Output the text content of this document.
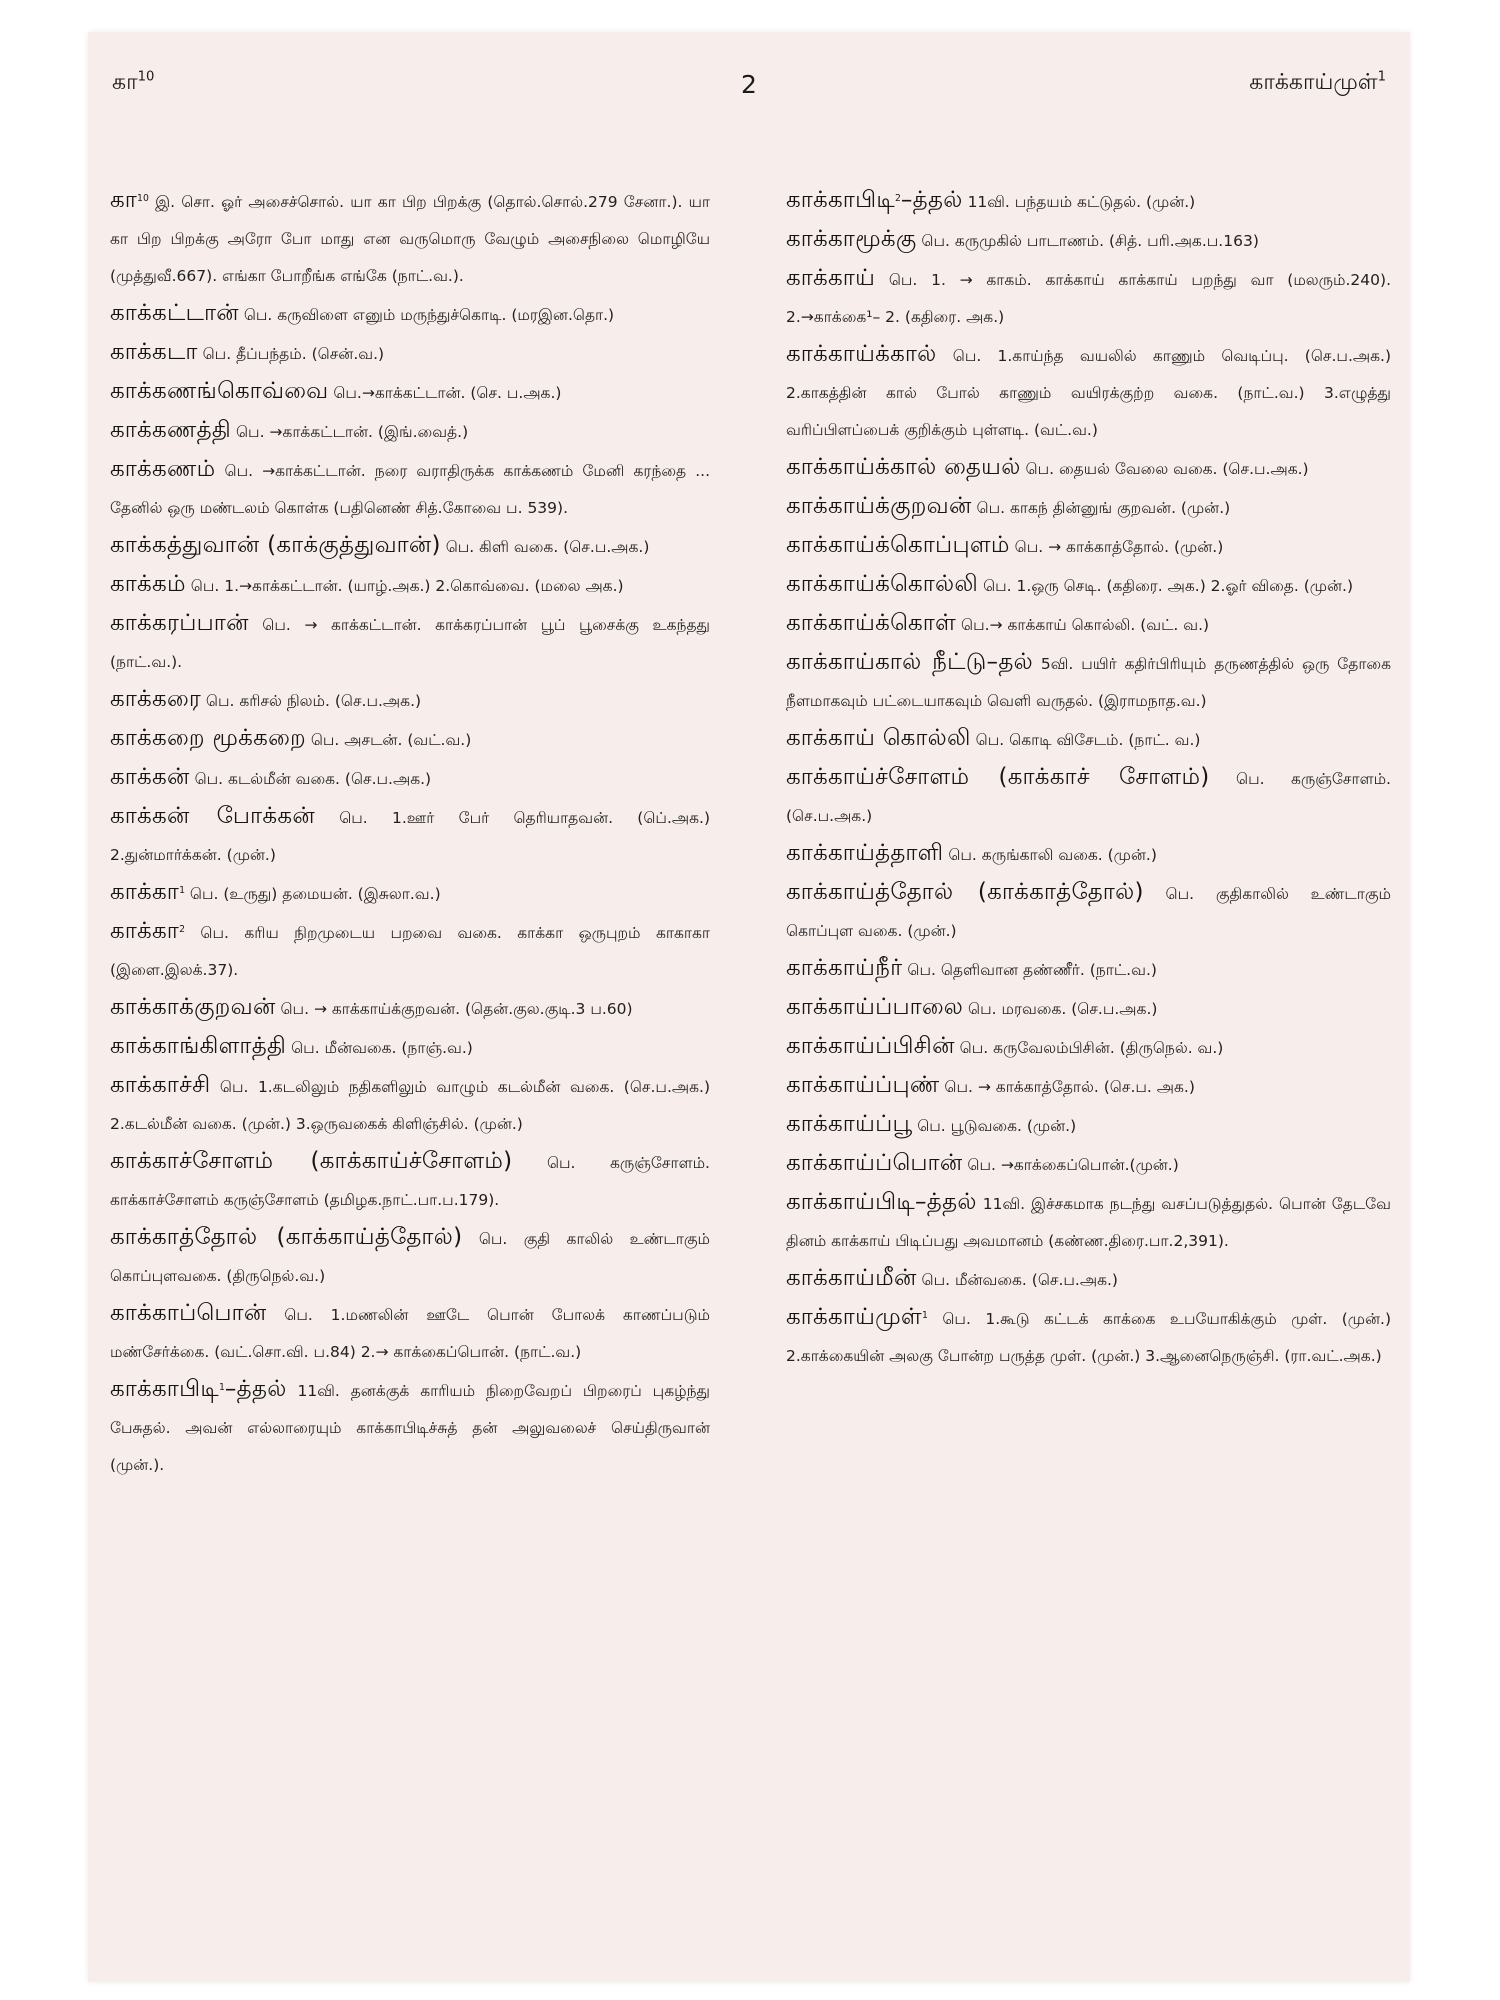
கா$^{10}$	2	காக்காய்முள்$^1$

கா$^{10}$ இ. சொ. ஓர் அசைச்சொல். யா கா பிற பிறக்கு (தொல்.சொல்.279 சேனா.). யா கா பிற பிறக்கு அரோ போ மாது என வருமொரு வேழும் அசைநிலை மொழியே (முத்துவீ.667). எங்கா போறீங்க எங்கே (நாட்.வ.).

காக்கட்டான் பெ. கருவிளை எனும் மருந்துச்கொடி. (மரஇன.தொ.)

காக்கடா பெ. தீப்பந்தம். (சென்.வ.)

காக்கணங்கொவ்வை பெ.→காக்கட்டான். (செ. ப.அக.)

காக்கணத்தி பெ. →காக்கட்டான். (இங்.வைத்.)

காக்கணம் பெ. →காக்கட்டான். நரை வராதிருக்க காக்கணம் மேனி கரந்தை ... தேனில் ஒரு மண்டலம் கொள்க (பதினெண் சித்.கோவை ப. 539).

காக்கத்துவான் (காக்குத்துவான்) பெ. கிளி வகை. (செ.ப.அக.)

காக்கம் பெ. 1.→காக்கட்டான். (யாழ்.அக.) 2.கொவ்வை. (மலை அக.)

காக்கரப்பான் பெ. → காக்கட்டான். காக்கரப்பான் பூப் பூசைக்கு உகந்தது (நாட்.வ.).

காக்கரை பெ. கரிசல் நிலம். (செ.ப.அக.)

காக்கறை மூக்கறை பெ. அசடன். (வட்.வ.)

காக்கன் பெ. கடல்மீன் வகை. (செ.ப.அக.)

காக்கன் போக்கன் பெ. 1.ஊர் பேர் தெரியாதவன். (பெ்.அக.) 2.துன்மார்க்கன். (முன்.)

காக்கா$^1$ பெ. (உருது) தமையன். (இசுலா.வ.)

காக்கா$^2$ பெ. கரிய நிறமுடைய பறவை வகை. காக்கா ஒருபுறம் காகாகா (இளை.இலக்.37).

காக்காக்குறவன் பெ. → காக்காய்க்குறவன். (தென்.குல.குடி.3 ப.60)

காக்காங்கிளாத்தி பெ. மீன்வகை. (நாஞ்.வ.)

காக்காச்சி பெ. 1.கடலிலும் நதிகளிலும் வாழும் கடல்மீன் வகை. (செ.ப.அக.) 2.கடல்மீன் வகை. (முன்.) 3.ஒருவகைக் கிளிஞ்சில். (முன்.)

காக்காச்சோளம் (காக்காய்ச்சோளம்) பெ. கருஞ்சோளம். காக்காச்சோளம் கருஞ்சோளம் (தமிழக.நாட்.பா.ப.179).

காக்காத்தோல் (காக்காய்த்தோல்) பெ. குதி காலில் உண்டாகும் கொப்புளவகை. (திருநெல்.வ.)

காக்காப்பொன் பெ. 1.மணலின் ஊடே பொன் போலக் காணப்படும் மண்சேர்க்கை. (வட்.சொ.வி. ப.84) 2.→ காக்கைப்பொன். (நாட்.வ.)

காக்காபிடி$^1$–த்தல் 11வி. தனக்குக் காரியம் நிறைவேறப் பிறரைப் புகழ்ந்து பேசுதல். அவன் எல்லாரையும் காக்காபிடிச்சுத் தன் அலுவலைச் செய்திருவான் (முன்.).

காக்காபிடி$^2$–த்தல் 11வி. பந்தயம் கட்டுதல். (முன்.)

காக்காமூக்கு பெ. கருமுகில் பாடாணம். (சித். பரி.அக.ப.163)

காக்காய் பெ. 1. → காகம். காக்காய் காக்காய் பறந்து வா (மலரும்.240). 2.→காக்கை¹– 2. (கதிரை. அக.)

காக்காய்க்கால் பெ. 1.காய்ந்த வயலில் காணும் வெடிப்பு. (செ.ப.அக.) 2.காகத்தின் கால் போல் காணும் வயிரக்குற்ற வகை. (நாட்.வ.) 3.எழுத்து வரிப்பிளப்பைக் குறிக்கும் புள்ளடி. (வட்.வ.)

காக்காய்க்கால் தையல் பெ. தையல் வேலை வகை. (செ.ப.அக.)

காக்காய்க்குறவன் பெ. காகந் தின்னுங் குறவன். (முன்.)

காக்காய்க்கொப்புளம் பெ. → காக்காத்தோல். (முன்.)

காக்காய்க்கொல்லி பெ. 1.ஒரு செடி. (கதிரை. அக.) 2.ஓர் விதை. (முன்.)

காக்காய்க்கொள் பெ.→ காக்காய் கொல்லி. (வட். வ.)

காக்காய்கால் நீட்டு–தல் 5வி. பயிர் கதிர்பிரியும் தருணத்தில் ஒரு தோகை நீளமாகவும் பட்டையாகவும் வெளி வருதல். (இராமநாத.வ.)

காக்காய் கொல்லி பெ. கொடி விசேடம். (நாட். வ.)

காக்காய்ச்சோளம் (காக்காச் சோளம்) பெ. கருஞ்சோளம். (செ.ப.அக.)

காக்காய்த்தாளி பெ. கருங்காலி வகை. (முன்.)

காக்காய்த்தோல் (காக்காத்தோல்) பெ. குதிகாலில் உண்டாகும் கொப்புள வகை. (முன்.)

காக்காய்நீர் பெ. தெளிவான தண்ணீர். (நாட்.வ.)

காக்காய்ப்பாலை பெ. மரவகை. (செ.ப.அக.)

காக்காய்ப்பிசின் பெ. கருவேலம்பிசின். (திருநெல். வ.)

காக்காய்ப்புண் பெ. → காக்காத்தோல். (செ.ப. அக.)

காக்காய்ப்பூ பெ. பூடுவகை. (முன்.)

காக்காய்ப்பொன் பெ. →காக்கைப்பொன்.(முன்.)

காக்காய்பிடி–த்தல் 11வி. இச்சகமாக நடந்து வசப்படுத்துதல். பொன் தேடவே தினம் காக்காய் பிடிப்பது அவமானம் (கண்ண.திரை.பா.2,391).

காக்காய்மீன் பெ. மீன்வகை. (செ.ப.அக.)

காக்காய்முள்$^1$ பெ. 1.கூடு கட்டக் காக்கை உபயோகிக்கும் முள். (முன்.) 2.காக்கையின் அலகு போன்ற பருத்த முள். (முன்.) 3.ஆனைநெருஞ்சி. (ரா.வட்.அக.)
